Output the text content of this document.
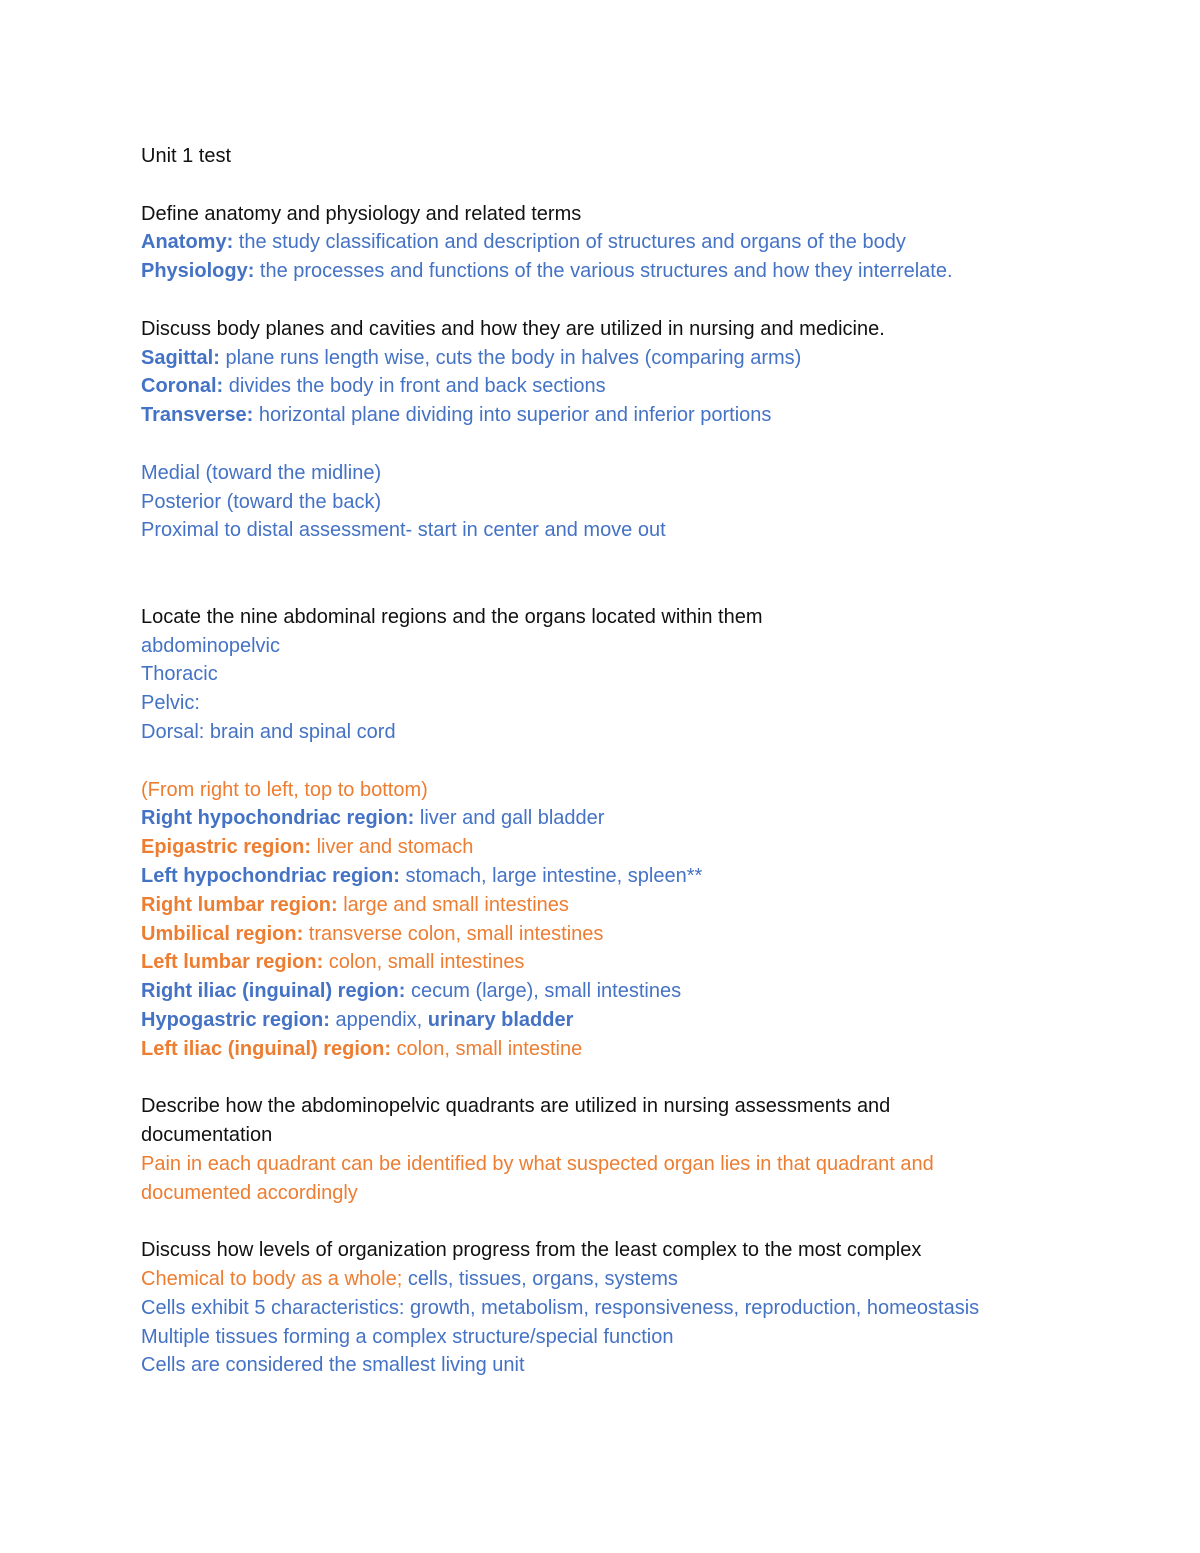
Unit 1 test
Define anatomy and physiology and related terms
Anatomy: the study classification and description of structures and organs of the body
Physiology: the processes and functions of the various structures and how they interrelate.
Discuss body planes and cavities and how they are utilized in nursing and medicine.
Sagittal: plane runs length wise, cuts the body in halves (comparing arms)
Coronal: divides the body in front and back sections
Transverse: horizontal plane dividing into superior and inferior portions
Medial (toward the midline)
Posterior (toward the back)
Proximal to distal assessment- start in center and move out
Locate the nine abdominal regions and the organs located within them
abdominopelvic
Thoracic
Pelvic:
Dorsal: brain and spinal cord
(From right to left, top to bottom)
Right hypochondriac region: liver and gall bladder
Epigastric region: liver and stomach
Left hypochondriac region: stomach, large intestine, spleen**
Right lumbar region: large and small intestines
Umbilical region: transverse colon, small intestines
Left lumbar region: colon, small intestines
Right iliac (inguinal) region: cecum (large), small intestines
Hypogastric region: appendix, urinary bladder
Left iliac (inguinal) region: colon, small intestine
Describe how the abdominopelvic quadrants are utilized in nursing assessments and documentation
Pain in each quadrant can be identified by what suspected organ lies in that quadrant and documented accordingly
Discuss how levels of organization progress from the least complex to the most complex
Chemical to body as a whole; cells, tissues, organs, systems
Cells exhibit 5 characteristics: growth, metabolism, responsiveness, reproduction, homeostasis
Multiple tissues forming a complex structure/special function
Cells are considered the smallest living unit
